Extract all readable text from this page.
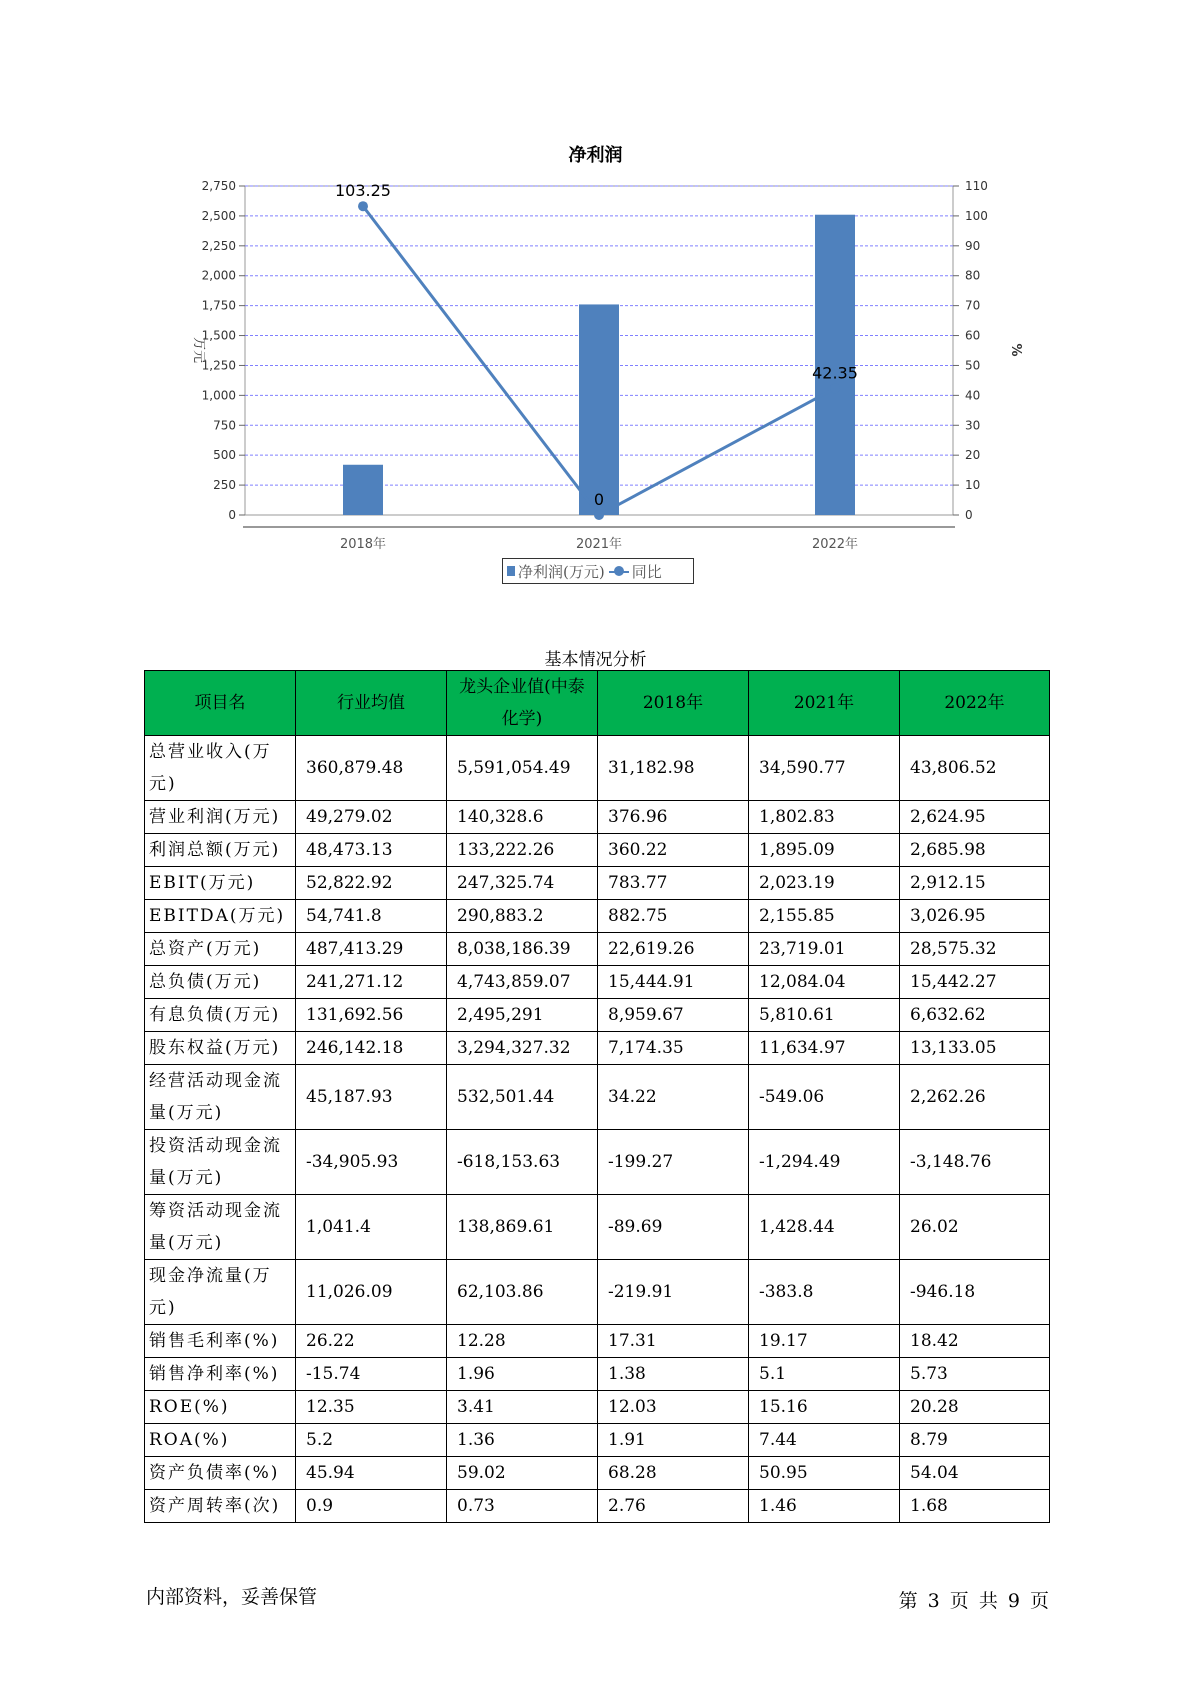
净利润
0
250
500
750
1,000
1,250
1,500
1,750
2,000
2,250
2,500
2,750
0
10
20
30
40
50
60
70
80
90
100
110
万元	%
2018年	2021年	2022年
103.25
0
42.35
净利润(万元) 同比
基本情况分析
项目名	行业均值	龙头企业值(中泰化学)	2018年	2021年	2022年
总营业收入(万元)	360,879.48	5,591,054.49	31,182.98	34,590.77	43,806.52
营业利润(万元)	49,279.02	140,328.6	376.96	1,802.83	2,624.95
利润总额(万元)	48,473.13	133,222.26	360.22	1,895.09	2,685.98
EBIT(万元)	52,822.92	247,325.74	783.77	2,023.19	2,912.15
EBITDA(万元)	54,741.8	290,883.2	882.75	2,155.85	3,026.95
总资产(万元)	487,413.29	8,038,186.39	22,619.26	23,719.01	28,575.32
总负债(万元)	241,271.12	4,743,859.07	15,444.91	12,084.04	15,442.27
有息负债(万元)	131,692.56	2,495,291	8,959.67	5,810.61	6,632.62
股东权益(万元)	246,142.18	3,294,327.32	7,174.35	11,634.97	13,133.05
经营活动现金流量(万元)	45,187.93	532,501.44	34.22	-549.06	2,262.26
投资活动现金流量(万元)	-34,905.93	-618,153.63	-199.27	-1,294.49	-3,148.76
筹资活动现金流量(万元)	1,041.4	138,869.61	-89.69	1,428.44	26.02
现金净流量(万元)	11,026.09	62,103.86	-219.91	-383.8	-946.18
销售毛利率(%)	26.22	12.28	17.31	19.17	18.42
销售净利率(%)	-15.74	1.96	1.38	5.1	5.73
ROE(%)	12.35	3.41	12.03	15.16	20.28
ROA(%)	5.2	1.36	1.91	7.44	8.79
资产负债率(%)	45.94	59.02	68.28	50.95	54.04
资产周转率(次)	0.9	0.73	2.76	1.46	1.68
内部资料，妥善保管	第 3 页 共 9 页
